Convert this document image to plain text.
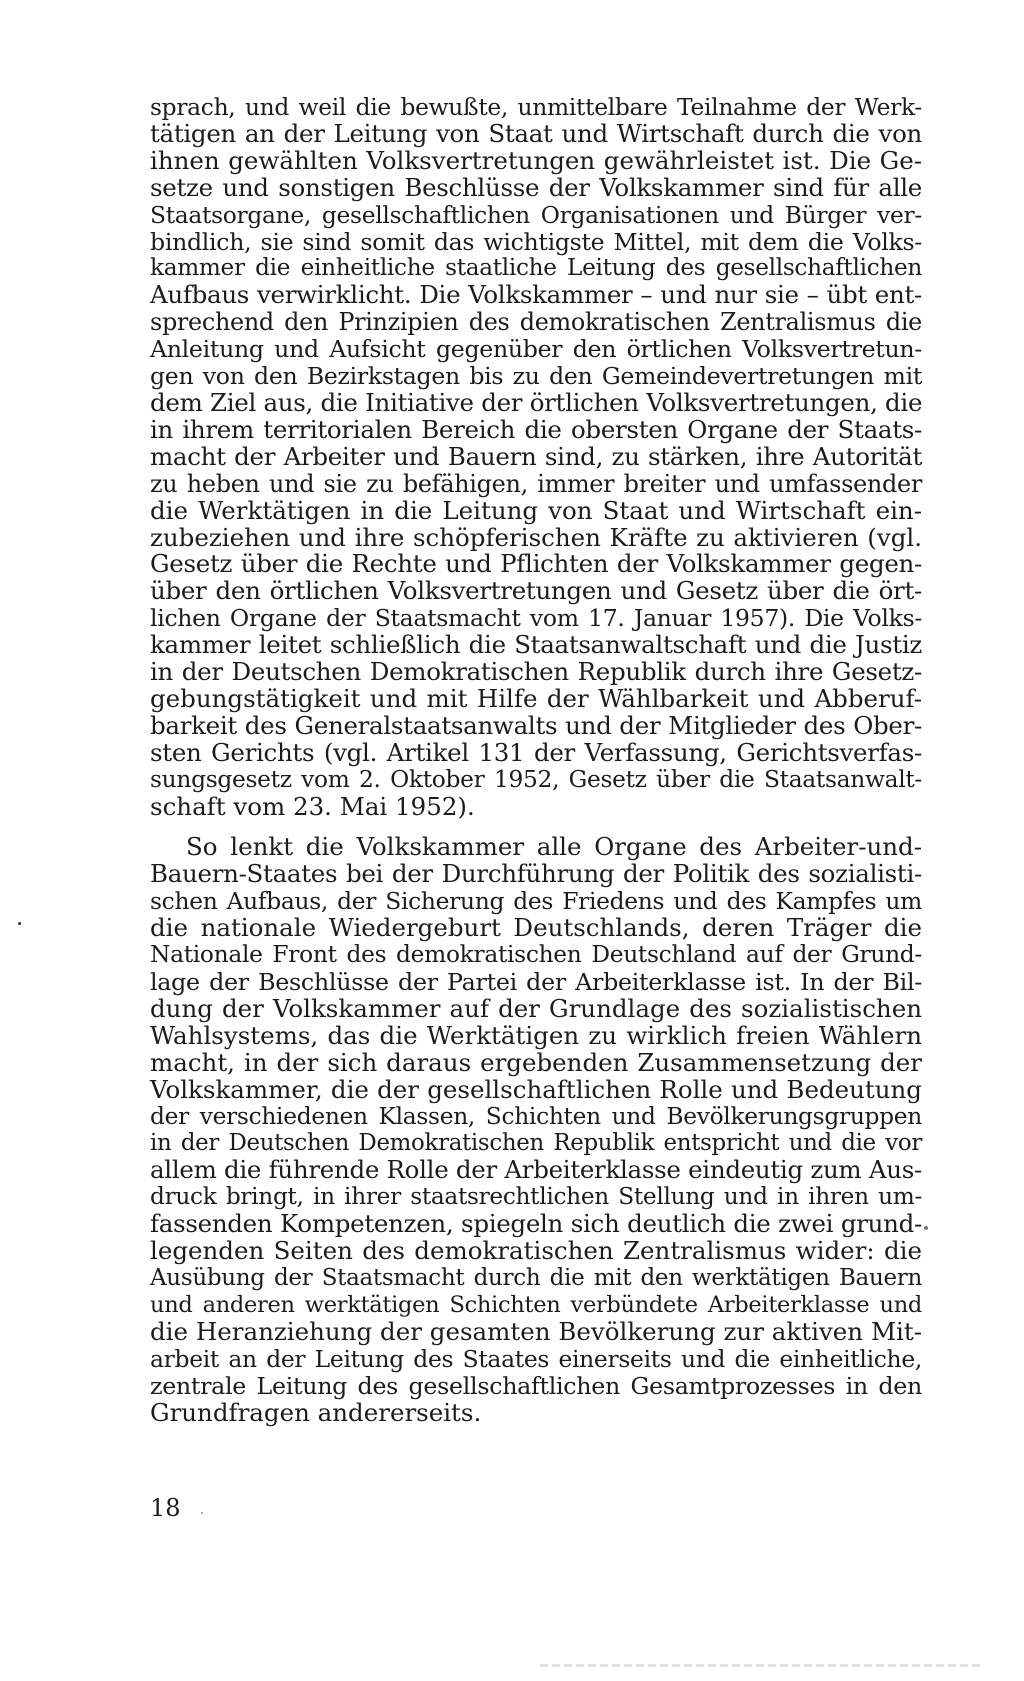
sprach, und weil die bewußte, unmittelbare Teilnahme der Werk-
tätigen an der Leitung von Staat und Wirtschaft durch die von
ihnen gewählten Volksvertretungen gewährleistet ist. Die Ge-
setze und sonstigen Beschlüsse der Volkskammer sind für alle
Staatsorgane, gesellschaftlichen Organisationen und Bürger ver-
bindlich, sie sind somit das wichtigste Mittel, mit dem die Volks-
kammer die einheitliche staatliche Leitung des gesellschaftlichen
Aufbaus verwirklicht. Die Volkskammer – und nur sie – übt ent-
sprechend den Prinzipien des demokratischen Zentralismus die
Anleitung und Aufsicht gegenüber den örtlichen Volksvertretun-
gen von den Bezirkstagen bis zu den Gemeindevertretungen mit
dem Ziel aus, die Initiative der örtlichen Volksvertretungen, die
in ihrem territorialen Bereich die obersten Organe der Staats-
macht der Arbeiter und Bauern sind, zu stärken, ihre Autorität
zu heben und sie zu befähigen, immer breiter und umfassender
die Werktätigen in die Leitung von Staat und Wirtschaft ein-
zubeziehen und ihre schöpferischen Kräfte zu aktivieren (vgl.
Gesetz über die Rechte und Pflichten der Volkskammer gegen-
über den örtlichen Volksvertretungen und Gesetz über die ört-
lichen Organe der Staatsmacht vom 17. Januar 1957). Die Volks-
kammer leitet schließlich die Staatsanwaltschaft und die Justiz
in der Deutschen Demokratischen Republik durch ihre Gesetz-
gebungstätigkeit und mit Hilfe der Wählbarkeit und Abberuf-
barkeit des Generalstaatsanwalts und der Mitglieder des Ober-
sten Gerichts (vgl. Artikel 131 der Verfassung, Gerichtsverfas-
sungsgesetz vom 2. Oktober 1952, Gesetz über die Staatsanwalt-
schaft vom 23. Mai 1952).

So lenkt die Volkskammer alle Organe des Arbeiter-und-
Bauern-Staates bei der Durchführung der Politik des sozialisti-
schen Aufbaus, der Sicherung des Friedens und des Kampfes um
die nationale Wiedergeburt Deutschlands, deren Träger die
Nationale Front des demokratischen Deutschland auf der Grund-
lage der Beschlüsse der Partei der Arbeiterklasse ist. In der Bil-
dung der Volkskammer auf der Grundlage des sozialistischen
Wahlsystems, das die Werktätigen zu wirklich freien Wählern
macht, in der sich daraus ergebenden Zusammensetzung der
Volkskammer, die der gesellschaftlichen Rolle und Bedeutung
der verschiedenen Klassen, Schichten und Bevölkerungsgruppen
in der Deutschen Demokratischen Republik entspricht und die vor
allem die führende Rolle der Arbeiterklasse eindeutig zum Aus-
druck bringt, in ihrer staatsrechtlichen Stellung und in ihren um-
fassenden Kompetenzen, spiegeln sich deutlich die zwei grund-
legenden Seiten des demokratischen Zentralismus wider: die
Ausübung der Staatsmacht durch die mit den werktätigen Bauern
und anderen werktätigen Schichten verbündete Arbeiterklasse und
die Heranziehung der gesamten Bevölkerung zur aktiven Mit-
arbeit an der Leitung des Staates einerseits und die einheitliche,
zentrale Leitung des gesellschaftlichen Gesamtprozesses in den
Grundfragen andererseits.

18
